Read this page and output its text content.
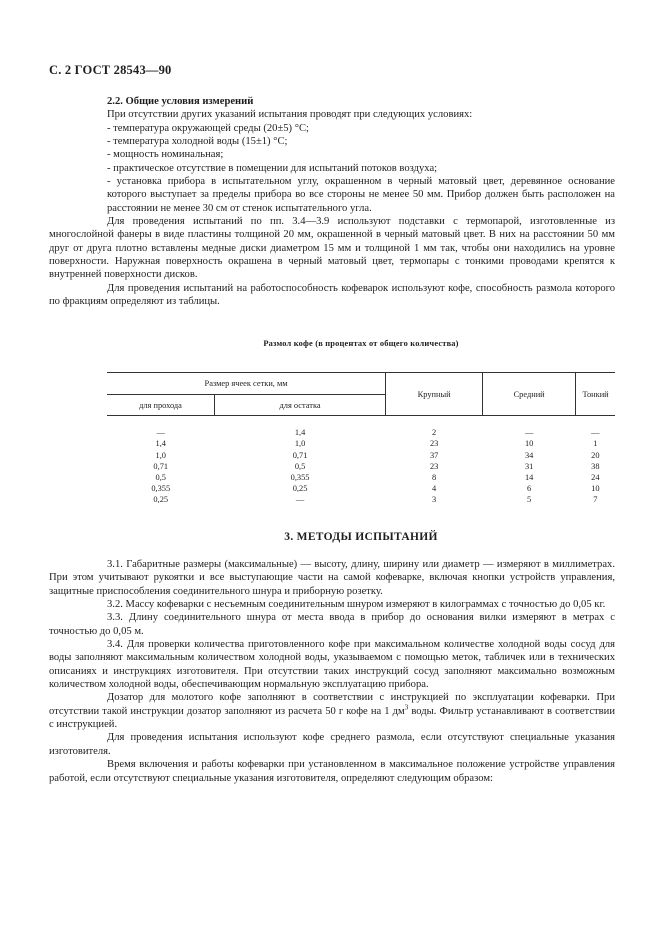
С. 2 ГОСТ 28543—90

2.2. Общие условия измерений

При отсутствии других указаний испытания проводят при следующих условиях:

- температура окружающей среды (20±5) °С;

- температура холодной воды (15±1) °С;

- мощность номинальная;

- практическое отсутствие в помещении для испытаний потоков воздуха;

- установка прибора в испытательном углу, окрашенном в черный матовый цвет, деревянное основание которого выступает за пределы прибора во все стороны не менее 50 мм. Прибор должен быть расположен на расстоянии не менее 30 см от стенок испытательного угла.

Для проведения испытаний по пп. 3.4—3.9 используют подставки с термопарой, изготовленные из многослойной фанеры в виде пластины толщиной 20 мм, окрашенной в черный матовый цвет. В них на расстоянии 50 мм друг от друга плотно вставлены медные диски диаметром 15 мм и толщиной 1 мм так, чтобы они находились на уровне поверхности. Наружная поверхность окрашена в черный матовый цвет, термопары с тонкими проводами крепятся к внутренней поверхности дисков.

Для проведения испытаний на работоспособность кофеварок используют кофе, способность размола которого по фракциям определяют из таблицы.

Размол кофе (в процентах от общего количества)
Размер ячеек сетки, мм		Крупный	Средний	Тонкий
для прохода	для остатка			

—	1,4	2	—	—
1,4	1,0	23	10	1
1,0	0,71	37	34	20
0,71	0,5	23	31	38
0,5	0,355	8	14	24
0,355	0,25	4	6	10
0,25	—	3	5	7
3. МЕТОДЫ ИСПЫТАНИЙ

3.1. Габаритные размеры (максимальные) — высоту, длину, ширину или диаметр — измеряют в миллиметрах. При этом учитывают рукоятки и все выступающие части на самой кофеварке, включая кнопки устройств управления, защитные приспособления соединительного шнура и приборную розетку.

3.2. Массу кофеварки с несъемным соединительным шнуром измеряют в килограммах с точностью до 0,05 кг.

3.3. Длину соединительного шнура от места ввода в прибор до основания вилки измеряют в метрах с точностью до 0,05 м.

3.4. Для проверки количества приготовленного кофе при максимальном количестве холодной воды сосуд для воды заполняют максимальным количеством холодной воды, указываемом с помощью меток, табличек или в технических описаниях и инструкциях изготовителя. При отсутствии таких инструкций сосуд заполняют максимально возможным количеством холодной воды, обеспечивающим нормальную эксплуатацию прибора.

Дозатор для молотого кофе заполняют в соответствии с инструкцией по эксплуатации кофеварки. При отсутствии такой инструкции дозатор заполняют из расчета 50 г кофе на 1 $дм^3$ воды. Фильтр устанавливают в соответствии с инструкцией.

Для проведения испытания используют кофе среднего размола, если отсутствуют специальные указания изготовителя.

Время включения и работы кофеварки при установленном в максимальное положение устройстве управления работой, если отсутствуют специальные указания изготовителя, определяют следующим образом:
